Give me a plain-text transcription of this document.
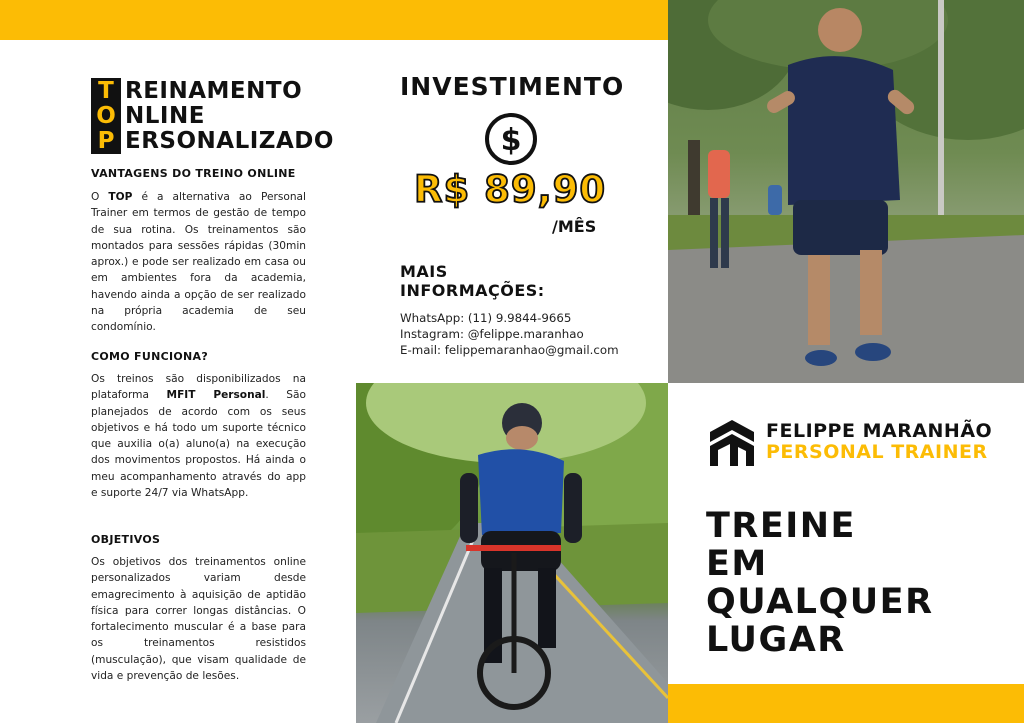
T
O
P
REINAMENTO
NLINE
ERSONALIZADO
VANTAGENS DO TREINO ONLINE

O TOP é a alternativa ao Personal Trainer em termos de gestão de tempo de sua rotina. Os treinamentos são montados para sessões rápidas (30min aprox.) e pode ser realizado em casa ou em ambientes fora da academia, havendo ainda a opção de ser realizado na própria academia de seu condomínio.

COMO FUNCIONA?

Os treinos são disponibilizados na plataforma MFIT Personal. São planejados de acordo com os seus objetivos e há todo um suporte técnico que auxilia o(a) aluno(a) na execução dos movimentos propostos. Há ainda o meu acompanhamento através do app e suporte 24/7 via WhatsApp.

OBJETIVOS

Os objetivos dos treinamentos online personalizados variam desde emagrecimento à aquisição de aptidão física para correr longas distâncias. O fortalecimento muscular é a base para os treinamentos resistidos (musculação), que visam qualidade de vida e prevenção de lesões.

INVESTIMENTO
$
R$ 89,90
/MÊS
MAIS
INFORMAÇÕES:
WhatsApp: (11) 9.9844-9665
Instagram: @felippe.maranhao
E-mail: felippemaranhao@gmail.com
FELIPPE MARANHÃO
PERSONAL TRAINER
TREINE
EM
QUALQUER
LUGAR
